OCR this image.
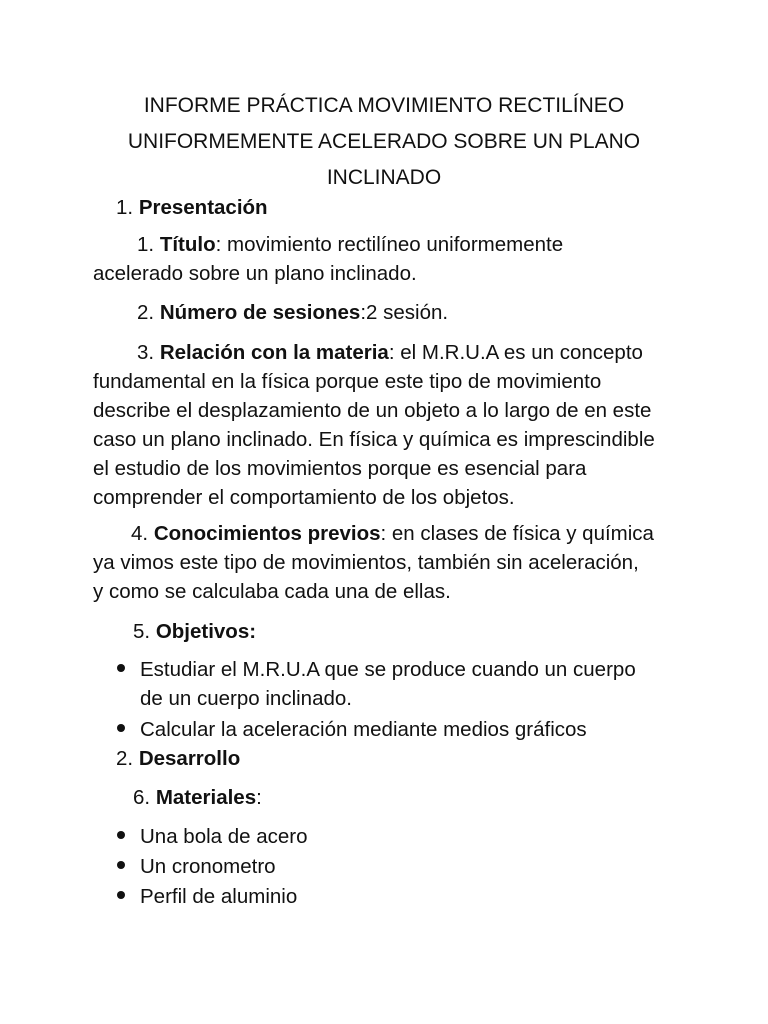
INFORME PRÁCTICA MOVIMIENTO RECTILÍNEO
UNIFORMEMENTE ACELERADO SOBRE UN PLANO
INCLINADO
1. Presentación
1. Título: movimiento rectilíneo uniformemente
acelerado sobre un plano inclinado.
2. Número de sesiones:2 sesión.
3. Relación con la materia: el M.R.U.A es un concepto
fundamental en la física porque este tipo de movimiento
describe el desplazamiento de un objeto a lo largo de en este
caso un plano inclinado. En física y química es imprescindible
el estudio de los movimientos porque es esencial para
comprender el comportamiento de los objetos.
4. Conocimientos previos: en clases de física y química
ya vimos este tipo de movimientos, también sin aceleración,
y como se calculaba cada una de ellas.
5. Objetivos:
Estudiar el M.R.U.A que se produce cuando un cuerpo
de un cuerpo inclinado.
Calcular la aceleración mediante medios gráficos
2. Desarrollo
6. Materiales:
Una bola de acero
Un cronometro
Perfil de aluminio
